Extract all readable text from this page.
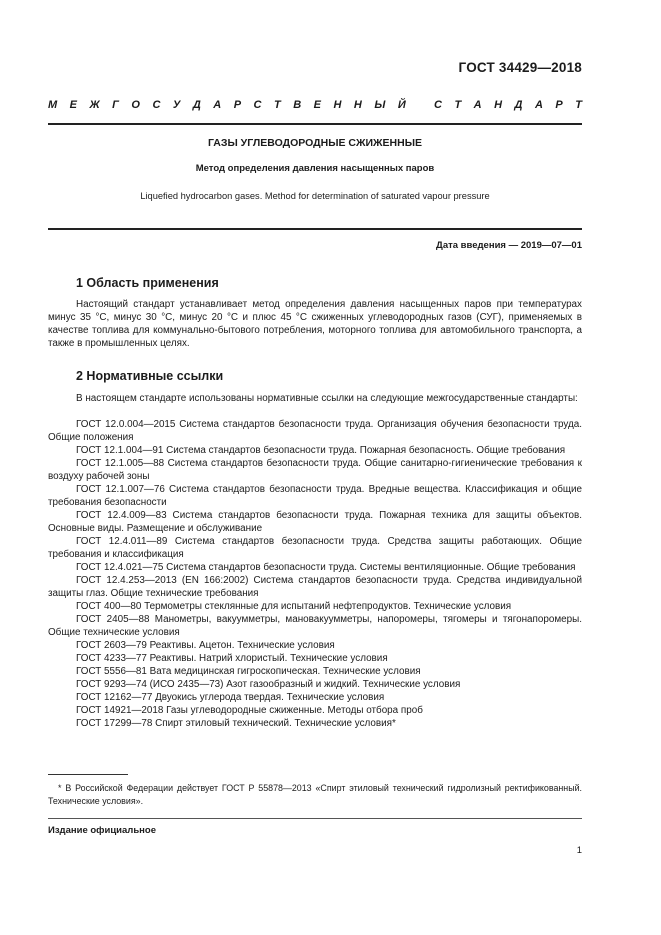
ГОСТ 34429—2018
М Е Ж Г О С У Д А Р С Т В Е Н Н Ы Й	С Т А Н Д А Р Т
ГАЗЫ УГЛЕВОДОРОДНЫЕ СЖИЖЕННЫЕ
Метод определения давления насыщенных паров
Liquefied hydrocarbon gases. Method for determination of saturated vapour pressure
Дата введения — 2019—07—01
1 Область применения
Настоящий стандарт устанавливает метод определения давления насыщенных паров при температурах минус 35 °С, минус 30 °С, минус 20 °С и плюс 45 °С сжиженных углеводородных газов (СУГ), применяемых в качестве топлива для коммунально-бытового потребления, моторного топлива для автомобильного транспорта, а также в промышленных целях.
2 Нормативные ссылки
В настоящем стандарте использованы нормативные ссылки на следующие межгосударственные стандарты:
ГОСТ 12.0.004—2015 Система стандартов безопасности труда. Организация обучения безопасности труда. Общие положения
ГОСТ 12.1.004—91 Система стандартов безопасности труда. Пожарная безопасность. Общие требования
ГОСТ 12.1.005—88 Система стандартов безопасности труда. Общие санитарно-гигиенические требования к воздуху рабочей зоны
ГОСТ 12.1.007—76 Система стандартов безопасности труда. Вредные вещества. Классификация и общие требования безопасности
ГОСТ 12.4.009—83 Система стандартов безопасности труда. Пожарная техника для защиты объектов. Основные виды. Размещение и обслуживание
ГОСТ 12.4.011—89 Система стандартов безопасности труда. Средства защиты работающих. Общие требования и классификация
ГОСТ 12.4.021—75 Система стандартов безопасности труда. Системы вентиляционные. Общие требования
ГОСТ 12.4.253—2013 (EN 166:2002) Система стандартов безопасности труда. Средства индивидуальной защиты глаз. Общие технические требования
ГОСТ 400—80 Термометры стеклянные для испытаний нефтепродуктов. Технические условия
ГОСТ 2405—88 Манометры, вакуумметры, мановакуумметры, напоромеры, тягомеры и тягонапоромеры. Общие технические условия
ГОСТ 2603—79 Реактивы. Ацетон. Технические условия
ГОСТ 4233—77 Реактивы. Натрий хлористый. Технические условия
ГОСТ 5556—81 Вата медицинская гигроскопическая. Технические условия
ГОСТ 9293—74 (ИСО 2435—73) Азот газообразный и жидкий. Технические условия
ГОСТ 12162—77 Двуокись углерода твердая. Технические условия
ГОСТ 14921—2018 Газы углеводородные сжиженные. Методы отбора проб
ГОСТ 17299—78 Спирт этиловый технический. Технические условия*
* В Российской Федерации действует ГОСТ Р 55878—2013 «Спирт этиловый технический гидролизный ректификованный. Технические условия».
Издание официальное
1
